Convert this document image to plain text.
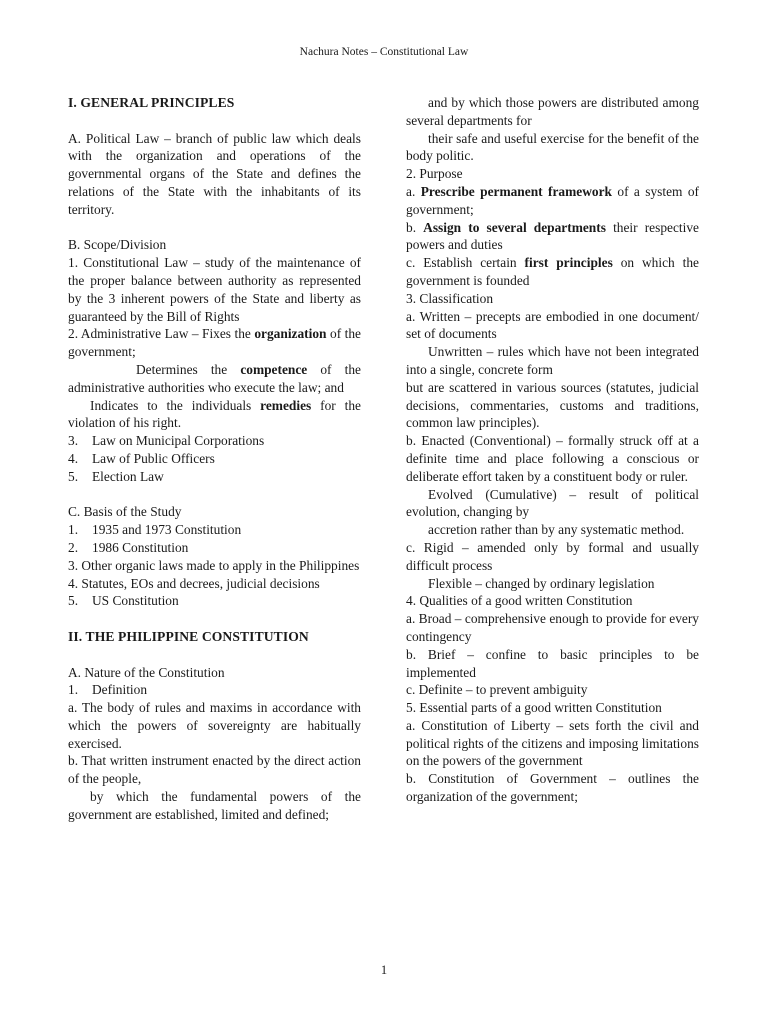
Nachura Notes – Constitutional Law

I. GENERAL PRINCIPLES

A. Political Law – branch of public law which deals with the organization and operations of the governmental organs of the State and defines the relations of the State with the inhabitants of its territory.

B. Scope/Division

1. Constitutional Law – study of the maintenance of the proper balance between authority as represented by the 3 inherent powers of the State and liberty as guaranteed by the Bill of Rights

2. Administrative Law – Fixes the organization of the government;

Determines the competence of the administrative authorities who execute the law; and

Indicates to the individuals remedies for the violation of his right.

3. Law on Municipal Corporations

4. Law of Public Officers

5. Election Law

C. Basis of the Study

1. 1935 and 1973 Constitution

2. 1986 Constitution

3. Other organic laws made to apply in the Philippines

4. Statutes, EOs and decrees, judicial decisions

5. US Constitution

II. THE PHILIPPINE CONSTITUTION

A. Nature of the Constitution

1. Definition

a. The body of rules and maxims in accordance with which the powers of sovereignty are habitually exercised.

b. That written instrument enacted by the direct action of the people,

by which the fundamental powers of the government are established, limited and defined;

and by which those powers are distributed among several departments for

their safe and useful exercise for the benefit of the body politic.

2. Purpose

a. Prescribe permanent framework of a system of government;

b. Assign to several departments their respective powers and duties

c. Establish certain first principles on which the government is founded

3. Classification

a. Written – precepts are embodied in one document/ set of documents

Unwritten – rules which have not been integrated into a single, concrete form

but are scattered in various sources (statutes, judicial decisions, commentaries, customs and traditions, common law principles).

b. Enacted (Conventional) – formally struck off at a definite time and place following a conscious or deliberate effort taken by a constituent body or ruler.

Evolved (Cumulative) – result of political evolution, changing by

accretion rather than by any systematic method.

c. Rigid – amended only by formal and usually difficult process

Flexible – changed by ordinary legislation

4. Qualities of a good written Constitution

a. Broad – comprehensive enough to provide for every contingency

b. Brief – confine to basic principles to be implemented

c. Definite – to prevent ambiguity

5. Essential parts of a good written Constitution

a. Constitution of Liberty – sets forth the civil and political rights of the citizens and imposing limitations on the powers of the government

b. Constitution of Government – outlines the organization of the government;

1
